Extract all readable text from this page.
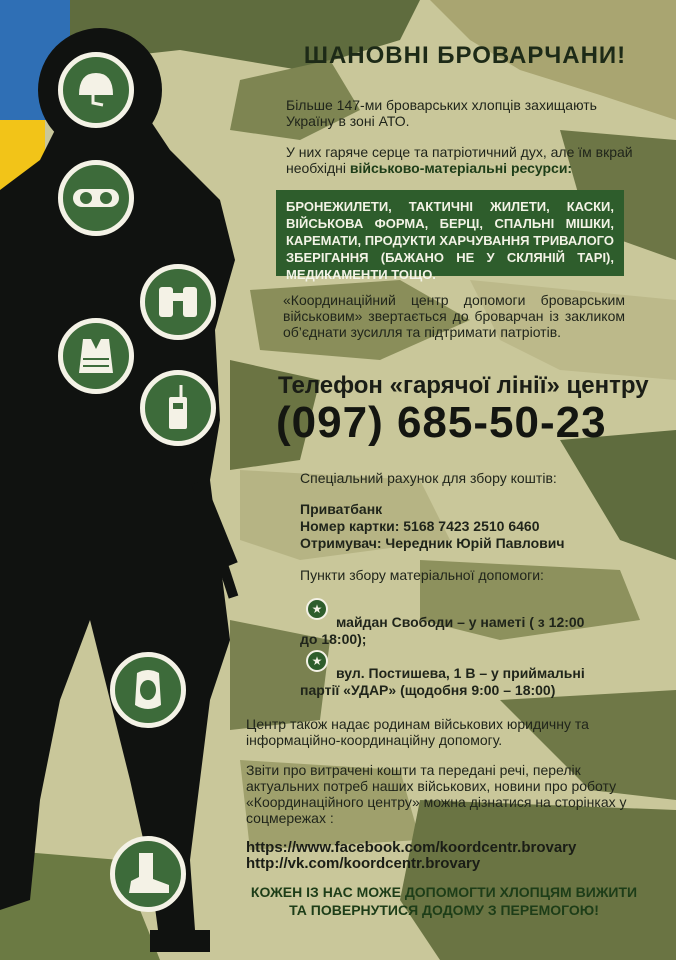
ШАНОВНІ БРОВАРЧАНИ!
Більше 147-ми броварських хлопців захищають Україну в зоні АТО.
У них гаряче серце та патріотичний дух, але їм вкрай необхідні військово-матеріальні ресурси:
БРОНЕЖИЛЕТИ, ТАКТИЧНІ ЖИЛЕТИ, КАСКИ, ВІЙСЬКОВА ФОРМА, БЕРЦІ, СПАЛЬНІ МІШКИ, КАРЕМАТИ, ПРОДУКТИ ХАРЧУВАННЯ ТРИВАЛОГО ЗБЕРІГАННЯ (БАЖАНО НЕ У СКЛЯНІЙ ТАРІ), МЕДИКАМЕНТИ ТОЩО.
«Координаційний центр допомоги броварським військовим» звертається до броварчан із закликом об’єднати зусилля та підтримати патріотів.
Телефон «гарячої лінії» центру
(097) 685-50-23
Спеціальний рахунок для збору коштів:
Приватбанк
Номер картки: 5168 7423 2510 6460
Отримувач: Чередник Юрій Павлович
Пункти збору матеріальної допомоги:
★
майдан Свободи – у наметі ( з 12:00
до 18:00);
★
вул. Постишева, 1 В – у приймальні
партії «УДАР» (щодобня 9:00 – 18:00)
Центр також надає родинам військових юридичну та інформаційно-координаційну допомогу.
Звіти про витрачені кошти та передані речі, перелік актуальних потреб наших військових, новини про роботу «Координаційного центру» можна дізнатися на сторінках у соцмережах :
https://www.facebook.com/koordcentr.brovary
http://vk.com/koordcentr.brovary
КОЖЕН ІЗ НАС МОЖЕ ДОПОМОГТИ ХЛОПЦЯМ ВИЖИТИ ТА ПОВЕРНУТИСЯ ДОДОМУ З ПЕРЕМОГОЮ!
